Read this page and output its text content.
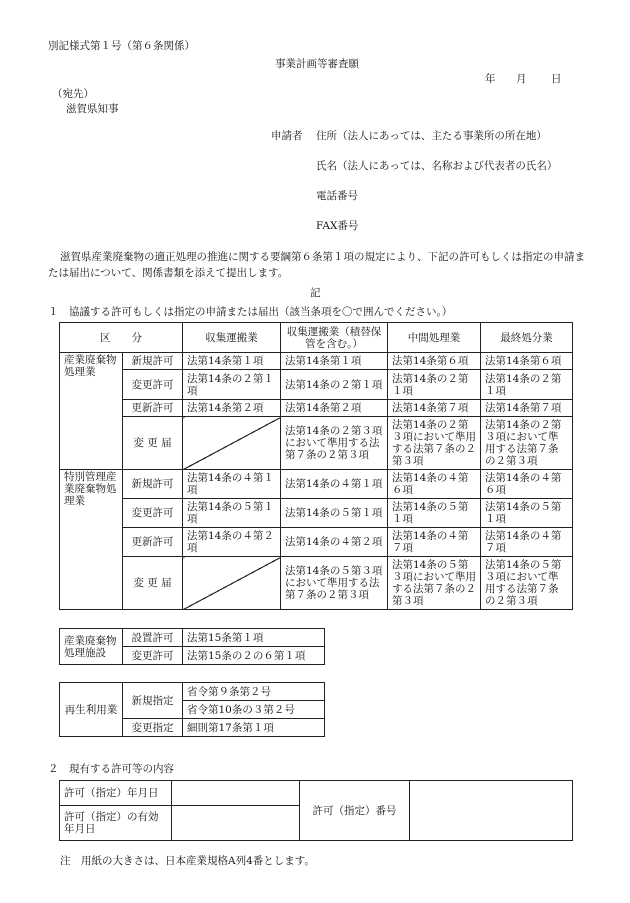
別記様式第１号（第６条関係）
事業計画等審査願
年 月 日
（宛先）
滋賀県知事
申請者 住所（法人にあっては、主たる事業所の所在地）
氏名（法人にあっては、名称および代表者の氏名）
電話番号
FAX番号
滋賀県産業廃棄物の適正処理の推進に関する要綱第６条第１項の規定により、下記の許可もしくは指定の申請または届出について、関係書類を添えて提出します。
記
１　協議する許可もしくは指定の申請または届出（該当条項を〇で囲んでください。）
区　　分		収集運搬業	収集運搬業（積替保管を含む。）	中間処理業	最終処分業
産業廃棄物処理業	新規許可	法第14条第１項	法第14条第１項	法第14条第６項	法第14条第６項
	変更許可	法第14条の２第１項	法第14条の２第１項	法第14条の２第１項	法第14条の２第１項
	更新許可	法第14条第２項	法第14条第２項	法第14条第７項	法第14条第７項
	変 更 届		法第14条の２第３項において準用する法第７条の２第３項	法第14条の２第３項において準用する法第７条の２第３項	法第14条の２第３項において準用する法第７条の２第３項
特別管理産業廃棄物処理業	新規許可	法第14条の４第１項	法第14条の４第１項	法第14条の４第６項	法第14条の４第６項
	変更許可	法第14条の５第１項	法第14条の５第１項	法第14条の５第１項	法第14条の５第１項
	更新許可	法第14条の４第２項	法第14条の４第２項	法第14条の４第７項	法第14条の４第７項
	変 更 届		法第14条の５第３項において準用する法第７条の２第３項	法第14条の５第３項において準用する法第７条の２第３項	法第14条の５第３項において準用する法第７条の２第３項
産業廃棄物処理施設	設置許可	法第15条第１項
	変更許可	法第15条の２の６第１項
再生利用業	新規指定	省令第９条第２号
		省令第10条の３第２号
	変更指定	細則第17条第１項
２　現有する許可等の内容
許可（指定）年月日		許可（指定）番号	
許可（指定）の有効年月日			
注　用紙の大きさは、日本産業規格A列4番とします。
